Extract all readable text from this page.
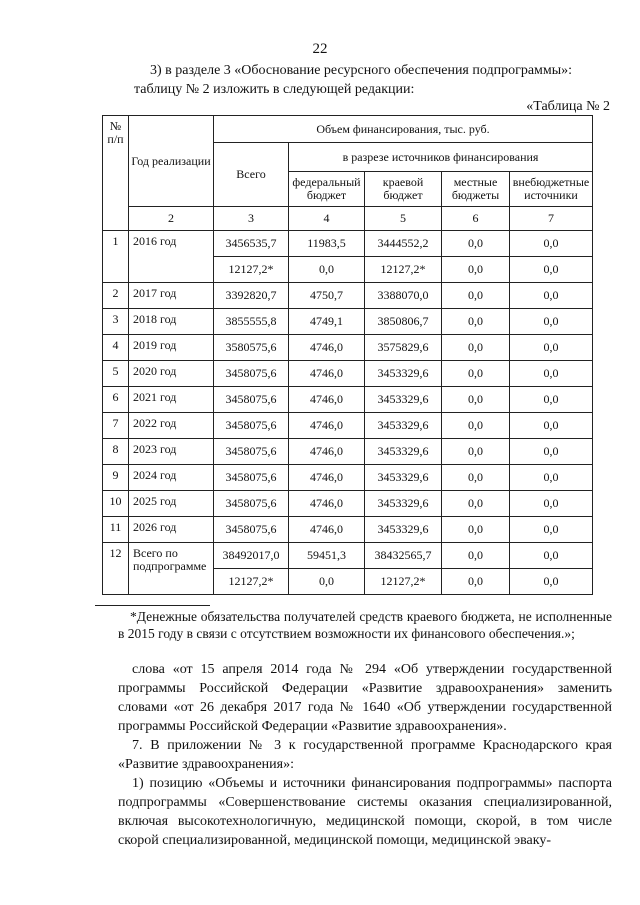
22

3) в разделе 3 «Обоснование ресурсного обеспечения подпрограммы»:

таблицу № 2 изложить в следующей редакции:

«Таблица № 2
№ п/п	Год реализации	Объем финансирования, тыс. руб.				
		Всего	в разрезе источников финансирования			
			федеральный бюджет	краевой бюджет	местные бюджеты	внебюджетные источники
	2	3	4	5	6	7
1	2016 год	3456535,7	11983,5	3444552,2	0,0	0,0
		12127,2*	0,0	12127,2*	0,0	0,0
2	2017 год	3392820,7	4750,7	3388070,0	0,0	0,0
3	2018 год	3855555,8	4749,1	3850806,7	0,0	0,0
4	2019 год	3580575,6	4746,0	3575829,6	0,0	0,0
5	2020 год	3458075,6	4746,0	3453329,6	0,0	0,0
6	2021 год	3458075,6	4746,0	3453329,6	0,0	0,0
7	2022 год	3458075,6	4746,0	3453329,6	0,0	0,0
8	2023 год	3458075,6	4746,0	3453329,6	0,0	0,0
9	2024 год	3458075,6	4746,0	3453329,6	0,0	0,0
10	2025 год	3458075,6	4746,0	3453329,6	0,0	0,0
11	2026 год	3458075,6	4746,0	3453329,6	0,0	0,0
12	Всего по подпрограмме	38492017,0	59451,3	38432565,7	0,0	0,0
		12127,2*	0,0	12127,2*	0,0	0,0

*Денежные обязательства получателей средств краевого бюджета, не исполненные в 2015 году в связи с отсутствием возможности их финансового обеспечения.»;

слова «от 15 апреля 2014 года № 294 «Об утверждении государственной программы Российской Федерации «Развитие здравоохранения» заменить словами «от 26 декабря 2017 года № 1640 «Об утверждении государственной программы Российской Федерации «Развитие здравоохранения».

7. В приложении № 3 к государственной программе Краснодарского края «Развитие здравоохранения»:

1) позицию «Объемы и источники финансирования подпрограммы» паспорта подпрограммы «Совершенствование системы оказания специализированной, включая высокотехнологичную, медицинской помощи, скорой, в том числе скорой специализированной, медицинской помощи, медицинской эваку-
